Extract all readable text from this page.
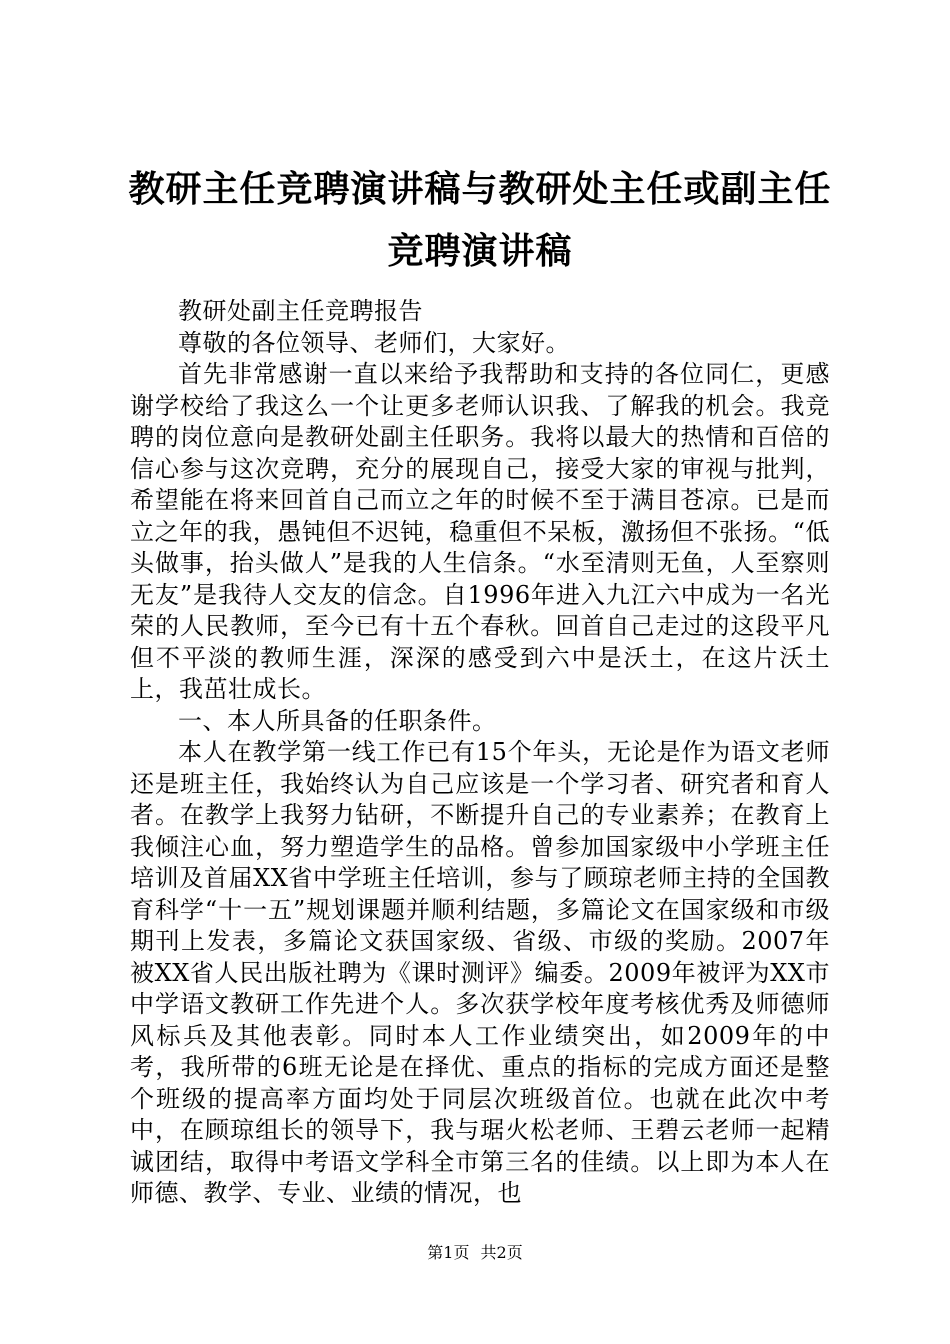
教研主任竞聘演讲稿与教研处主任或副主任竞聘演讲稿

教研处副主任竞聘报告

尊敬的各位领导、老师们，大家好。

首先非常感谢一直以来给予我帮助和支持的各位同仁，更感谢学校给了我这么一个让更多老师认识我、了解我的机会。我竞聘的岗位意向是教研处副主任职务。我将以最大的热情和百倍的信心参与这次竞聘，充分的展现自己，接受大家的审视与批判，希望能在将来回首自己而立之年的时候不至于满目苍凉。已是而立之年的我，愚钝但不迟钝，稳重但不呆板，激扬但不张扬。“低头做事，抬头做人”是我的人生信条。“水至清则无鱼，人至察则无友”是我待人交友的信念。自1996年进入九江六中成为一名光荣的人民教师，至今已有十五个春秋。回首自己走过的这段平凡但不平淡的教师生涯，深深的感受到六中是沃土，在这片沃土上，我茁壮成长。

一、本人所具备的任职条件。

本人在教学第一线工作已有15个年头，无论是作为语文老师还是班主任，我始终认为自己应该是一个学习者、研究者和育人者。在教学上我努力钻研，不断提升自己的专业素养；在教育上我倾注心血，努力塑造学生的品格。曾参加国家级中小学班主任培训及首届XX省中学班主任培训，参与了顾琼老师主持的全国教育科学“十一五”规划课题并顺利结题，多篇论文在国家级和市级期刊上发表，多篇论文获国家级、省级、市级的奖励。2007年被XX省人民出版社聘为《课时测评》编委。2009年被评为XX市中学语文教研工作先进个人。多次获学校年度考核优秀及师德师风标兵及其他表彰。同时本人工作业绩突出，如2009年的中考，我所带的6班无论是在择优、重点的指标的完成方面还是整个班级的提高率方面均处于同层次班级首位。也就在此次中考中，在顾琼组长的领导下，我与琚火松老师、王碧云老师一起精诚团结，取得中考语文学科全市第三名的佳绩。以上即为本人在师德、教学、专业、业绩的情况，也

第1页 共2页
